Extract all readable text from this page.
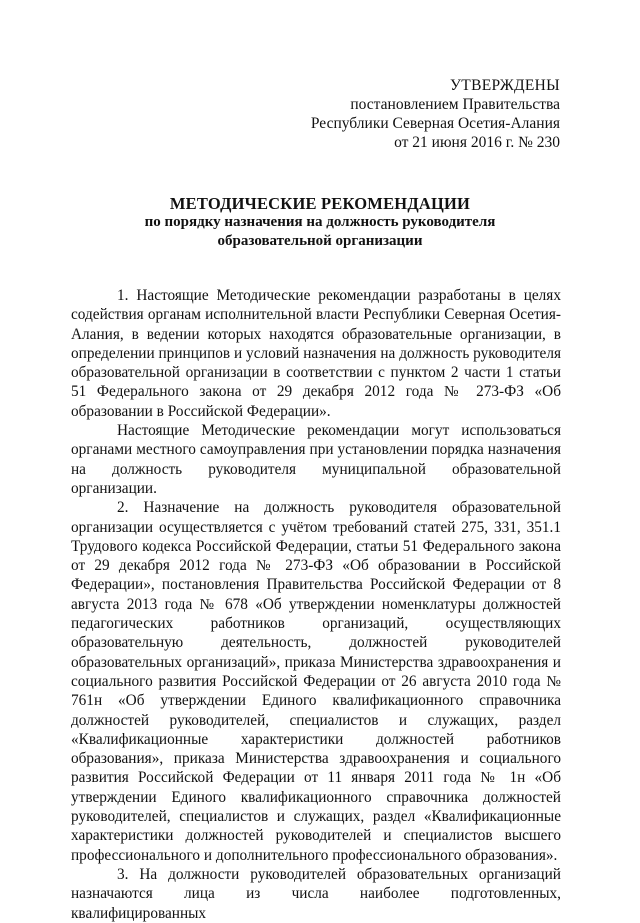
УТВЕРЖДЕНЫ
постановлением Правительства
Республики Северная Осетия-Алания
от 21 июня 2016 г. № 230
МЕТОДИЧЕСКИЕ РЕКОМЕНДАЦИИ
по порядку назначения на должность руководителя
образовательной организации

1. Настоящие Методические рекомендации разработаны в целях содействия органам исполнительной власти Республики Северная Осетия-Алания, в ведении которых находятся образовательные организации, в определении принципов и условий назначения на должность руководителя образовательной организации в соответствии с пунктом 2 части 1 статьи 51 Федерального закона от 29 декабря 2012 года № 273-ФЗ «Об образовании в Российской Федерации».

Настоящие Методические рекомендации могут использоваться органами местного самоуправления при установлении порядка назначения на должность руководителя муниципальной образовательной организации.

2. Назначение на должность руководителя образовательной организации осуществляется с учётом требований статей 275, 331, 351.1 Трудового кодекса Российской Федерации, статьи 51 Федерального закона от 29 декабря 2012 года № 273-ФЗ «Об образовании в Российской Федерации», постановления Правительства Российской Федерации от 8 августа 2013 года № 678 «Об утверждении номенклатуры должностей педагогических работников организаций, осуществляющих образовательную деятельность, должностей руководителей образовательных организаций», приказа Министерства здравоохранения и социального развития Российской Федерации от 26 августа 2010 года № 761н «Об утверждении Единого квалификационного справочника должностей руководителей, специалистов и служащих, раздел «Квалификационные характеристики должностей работников образования», приказа Министерства здравоохранения и социального развития Российской Федерации от 11 января 2011 года № 1н «Об утверждении Единого квалификационного справочника должностей руководителей, специалистов и служащих, раздел «Квалификационные характеристики должностей руководителей и специалистов высшего профессионального и дополнительного профессионального образования».

3. На должности руководителей образовательных организаций назначаются лица из числа наиболее подготовленных, квалифицированных
